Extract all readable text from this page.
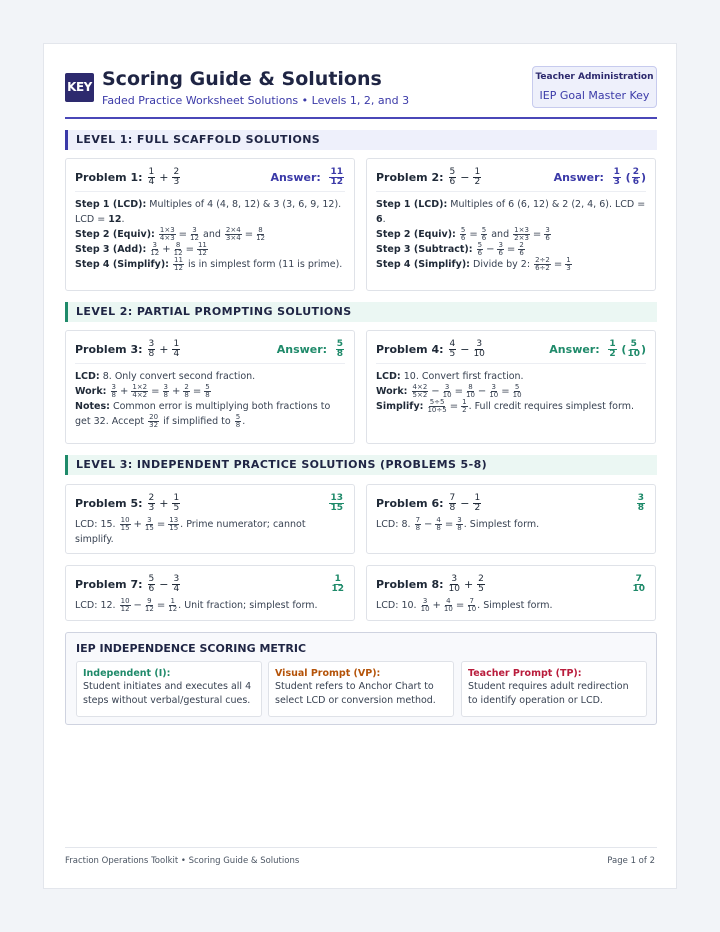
KEY Scoring Guide & Solutions
Faded Practice Worksheet Solutions • Levels 1, 2, and 3
Teacher Administration
IEP Goal Master Key
LEVEL 1: FULL SCAFFOLD SOLUTIONS
Problem 1: $\frac{1}{4} + \frac{2}{3}$	Answer:
$\frac{11}{12}$
Step 1 (LCD): Multiples of 4 (4, 8, 12) & 3 (3, 6, 9, 12). LCD = 12.
Step 2 (Equiv): $\frac{1\times 3}{4\times 3} = \frac{3}{12}$ and $\frac{2\times 4}{3\times 4} = \frac{8}{12}$
Step 3 (Add): $\frac{3}{12} + \frac{8}{12} = \frac{11}{12}$
Step 4 (Simplify): $\frac{11}{12}$ is in simplest form (11 is prime).
Problem 2: $\frac{5}{6} - \frac{1}{2}$	Answer:
$\frac{1}{3}$ ( $\frac{2}{6}$ )
Step 1 (LCD): Multiples of 6 (6, 12) & 2 (2, 4, 6). LCD = 6.
Step 2 (Equiv): $\frac{5}{6} = \frac{5}{6}$ and $\frac{1\times 3}{2\times 3} = \frac{3}{6}$
Step 3 (Subtract): $\frac{5}{6} - \frac{3}{6} = \frac{2}{6}$
Step 4 (Simplify): Divide by 2: $\frac{2\div 2}{6\div 2} = \frac{1}{3}$
LEVEL 2: PARTIAL PROMPTING SOLUTIONS
Problem 3: $\frac{3}{8} + \frac{1}{4}$	Answer:
$\frac{5}{8}$
LCD: 8. Only convert second fraction.
Work: $\frac{3}{8} + \frac{1\times 2}{4\times 2} = \frac{3}{8} + \frac{2}{8} = \frac{5}{8}$
Notes: Common error is multiplying both fractions to get 32. Accept $\frac{20}{32}$ if simplified to $\frac{5}{8}$ .
Problem 4: $\frac{4}{5} - \frac{3}{10}$	Answer:
$\frac{1}{2}$ ( $\frac{5}{10}$ )
LCD: 10. Convert first fraction.
Work: $\frac{4\times 2}{5\times 2} - \frac{3}{10} = \frac{8}{10} - \frac{3}{10} = \frac{5}{10}$
Simplify: $\frac{5\div 5}{10\div 5} = \frac{1}{2}$ . Full credit requires simplest form.
LEVEL 3: INDEPENDENT PRACTICE SOLUTIONS (PROBLEMS 5-8)
Problem 5: $\frac{2}{3} + \frac{1}{5}$	$\frac{13}{15}$
LCD: 15. $\frac{10}{15} + \frac{3}{15} = \frac{13}{15}$ . Prime numerator; cannot simplify.
Problem 6: $\frac{7}{8} - \frac{1}{2}$	$\frac{3}{8}$
LCD: 8. $\frac{7}{8} - \frac{4}{8} = \frac{3}{8}$ . Simplest form.
Problem 7: $\frac{5}{6} - \frac{3}{4}$	$\frac{1}{12}$
LCD: 12. $\frac{10}{12} - \frac{9}{12} = \frac{1}{12}$ . Unit fraction; simplest form.
Problem 8: $\frac{3}{10} + \frac{2}{5}$	$\frac{7}{10}$
LCD: 10. $\frac{3}{10} + \frac{4}{10} = \frac{7}{10}$ . Simplest form.
IEP INDEPENDENCE SCORING METRIC
Independent (I):
Student initiates and executes all 4 steps without verbal/gestural cues.
Visual Prompt (VP):
Student refers to Anchor Chart to select LCD or conversion method.
Teacher Prompt (TP):
Student requires adult redirection to identify operation or LCD.
Fraction Operations Toolkit • Scoring Guide & Solutions	Page 1 of 2
